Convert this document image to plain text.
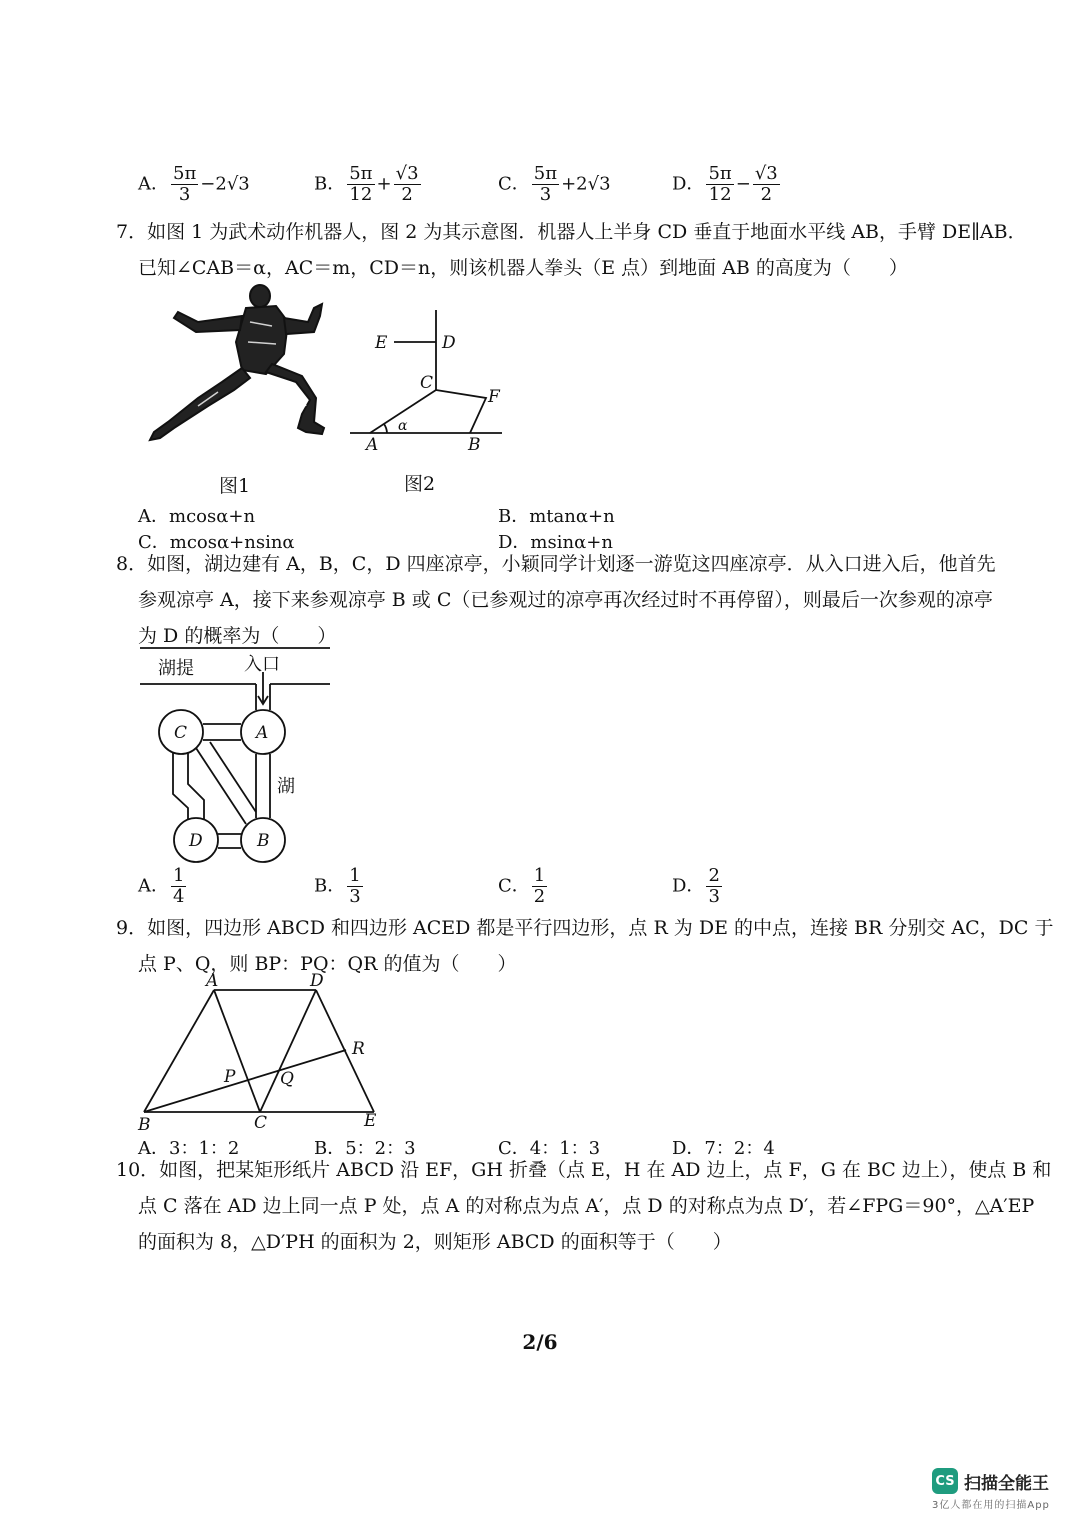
A． $\frac{5\pi}{3} -2√3$	B． $\frac{5\pi}{12} + \frac{√3}{2}$	C． $\frac{5\pi}{3} +2√3$	D． $\frac{5\pi}{12} - \frac{√3}{2}$
7．如图 1 为武术动作机器人，图 2 为其示意图．机器人上半身 CD 垂直于地面水平线 AB，手臂 DE∥AB．
已知∠CAB＝α，AC＝m，CD＝n，则该机器人拳头（E 点）到地面 AB 的高度为（　　）
图1
E	D
C
F
A	B
α
图2
A．mcosα+n	B．mtanα+n
C．mcosα+nsinα	D．msinα+n
8．如图，湖边建有 A，B，C，D 四座凉亭，小颖同学计划逐一游览这四座凉亭．从入口进入后，他首先
参观凉亭 A，接下来参观凉亭 B 或 C（已参观过的凉亭再次经过时不再停留），则最后一次参观的凉亭
为 D 的概率为（　　）
湖提	入口
湖
C	A
D	B
A． $\frac{1}{4}$	B． $\frac{1}{3}$	C． $\frac{1}{2}$	D． $\frac{2}{3}$
9．如图，四边形 ABCD 和四边形 ACED 都是平行四边形，点 R 为 DE 的中点，连接 BR 分别交 AC，DC 于
点 P、Q，则 BP：PQ：QR 的值为（　　）
A	D
R
P	Q
B	C	E
A．3：1：2	B．5：2：3	C．4：1：3	D．7：2：4
10．如图，把某矩形纸片 ABCD 沿 EF，GH 折叠（点 E，H 在 AD 边上，点 F，G 在 BC 边上），使点 B 和
点 C 落在 AD 边上同一点 P 处，点 A 的对称点为点 A′，点 D 的对称点为点 D′，若∠FPG＝90°，△A′EP
的面积为 8，△D′PH 的面积为 2，则矩形 ABCD 的面积等于（　　）
2/6
CS 扫描全能王
3亿人都在用的扫描App
